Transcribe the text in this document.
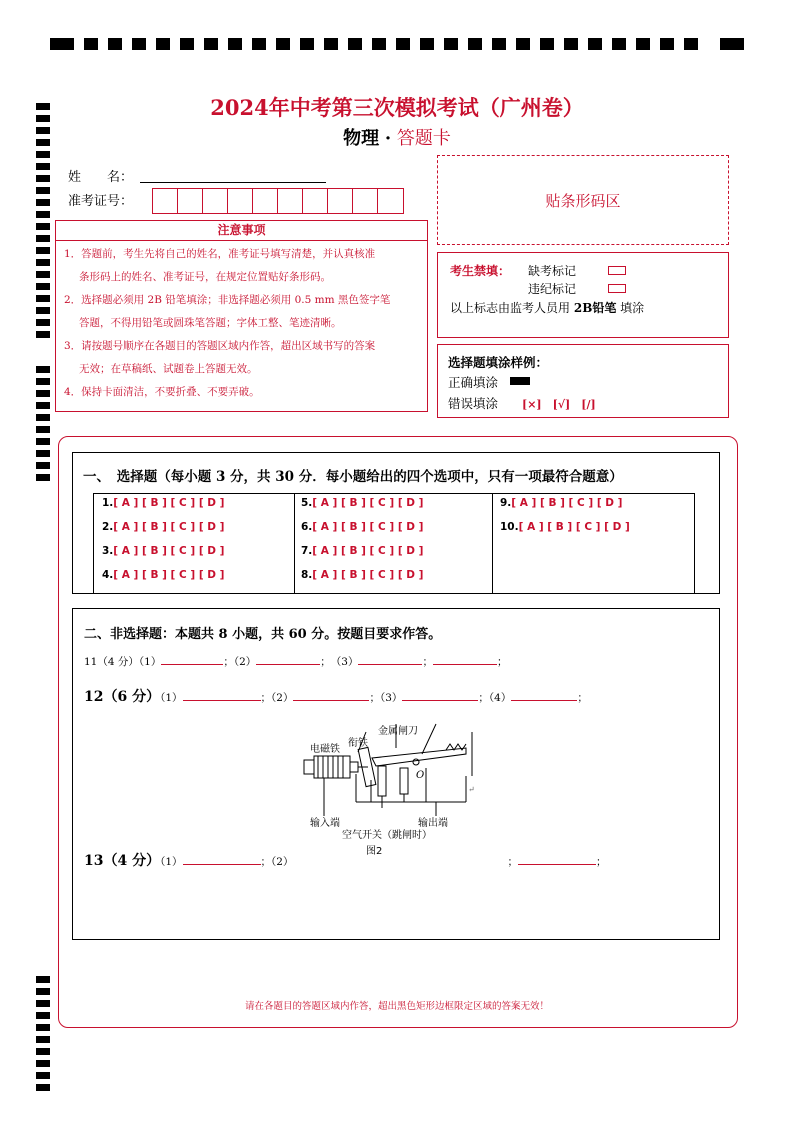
2024年中考第三次模拟考试（广州卷）
物理 · 答题卡
姓　　名：
准考证号：	贴条形码区
注意事项
1．答题前，考生先将自己的姓名，准考证号填写清楚，并认真核准
条形码上的姓名、准考证号，在规定位置贴好条形码。
2．选择题必须用 2B 铅笔填涂；非选择题必须用 0.5 mm 黑色签字笔
答题，不得用铅笔或圆珠笔答题；字体工整、笔迹清晰。
3．请按题号顺序在各题目的答题区域内作答，超出区域书写的答案
无效；在草稿纸、试题卷上答题无效。
4．保持卡面清洁，不要折叠、不要弄破。
考生禁填： 缺考标记
违纪标记
以上标志由监考人员用 2B铅笔 填涂
选择题填涂样例：
正确填涂
错误填涂 [×]　[√]　[/]
一、　选择题（每小题 3 分，共 30 分．每小题给出的四个选项中，只有一项最符合题意）
1.[ A ] [ B ] [ C ] [ D ]
2.[ A ] [ B ] [ C ] [ D ]
3.[ A ] [ B ] [ C ] [ D ]
4.[ A ] [ B ] [ C ] [ D ]
5.[ A ] [ B ] [ C ] [ D ]
6.[ A ] [ B ] [ C ] [ D ]
7.[ A ] [ B ] [ C ] [ D ]
8.[ A ] [ B ] [ C ] [ D ]
9.[ A ] [ B ] [ C ] [ D ]
10.[ A ] [ B ] [ C ] [ D ]
二、非选择题：本题共 8 小题，共 60 分。按题目要求作答。
11（4 分）（1）	；（2）	；　（3）	；	；
12（6 分）（1）	；（2）	；（3）	；（4）	；
电磁铁
衔铁
金属闸刀
O
输入端	输出端
空气开关（跳闸时）
图2
↵
13（4 分）（1）	；（2）	；	；
请在各题目的答题区域内作答，超出黑色矩形边框限定区域的答案无效！
